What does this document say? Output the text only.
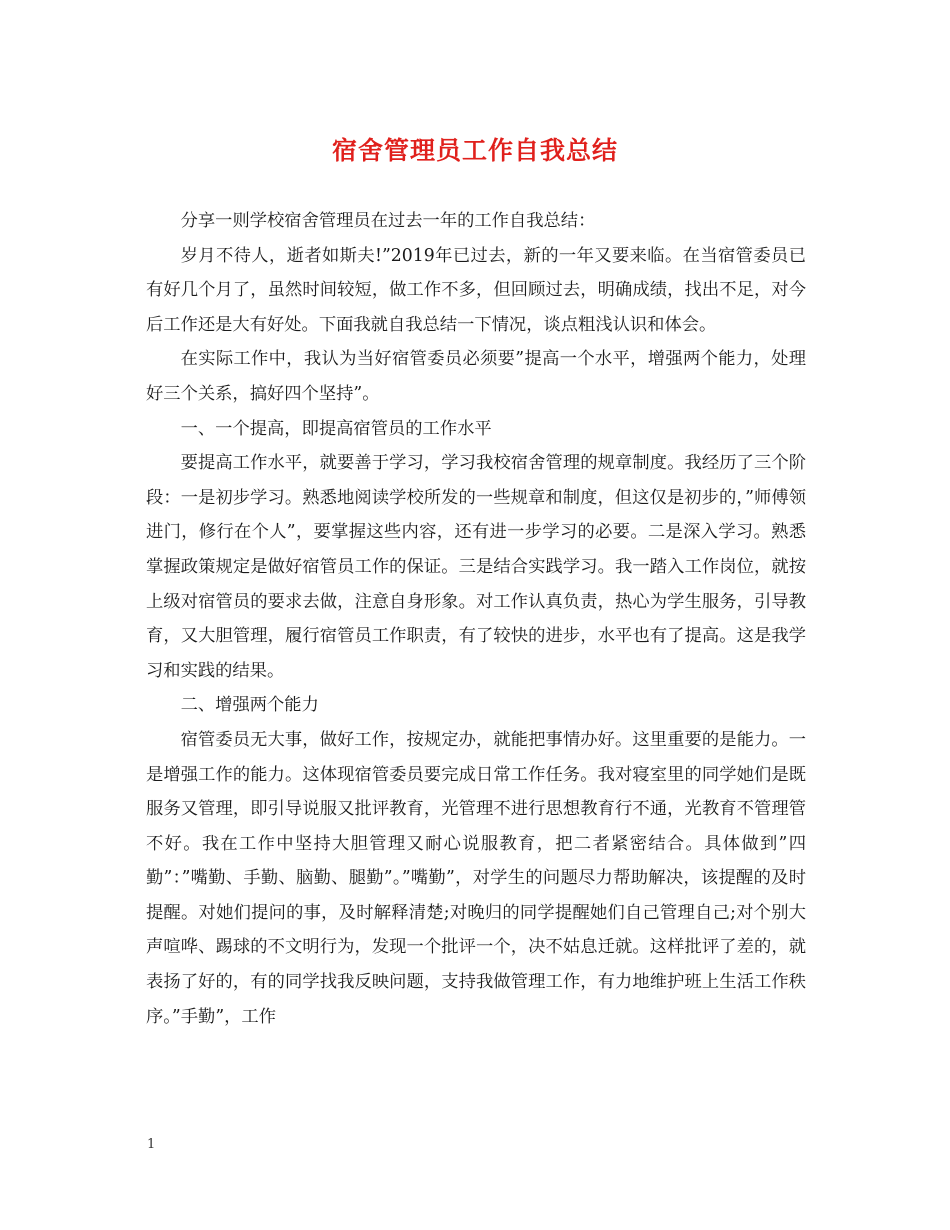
宿舍管理员工作自我总结

分享一则学校宿舍管理员在过去一年的工作自我总结：

岁月不待人，逝者如斯夫!”2019年已过去，新的一年又要来临。在当宿管委员已有好几个月了，虽然时间较短，做工作不多，但回顾过去，明确成绩，找出不足，对今后工作还是大有好处。下面我就自我总结一下情况，谈点粗浅认识和体会。

在实际工作中，我认为当好宿管委员必须要”提高一个水平，增强两个能力，处理好三个关系，搞好四个坚持”。

一、一个提高，即提高宿管员的工作水平

要提高工作水平，就要善于学习，学习我校宿舍管理的规章制度。我经历了三个阶段：一是初步学习。熟悉地阅读学校所发的一些规章和制度，但这仅是初步的，”师傅领进门，修行在个人”，要掌握这些内容，还有进一步学习的必要。二是深入学习。熟悉掌握政策规定是做好宿管员工作的保证。三是结合实践学习。我一踏入工作岗位，就按上级对宿管员的要求去做，注意自身形象。对工作认真负责，热心为学生服务，引导教育，又大胆管理，履行宿管员工作职责，有了较快的进步，水平也有了提高。这是我学习和实践的结果。

二、增强两个能力

宿管委员无大事，做好工作，按规定办，就能把事情办好。这里重要的是能力。一是增强工作的能力。这体现宿管委员要完成日常工作任务。我对寝室里的同学她们是既服务又管理，即引导说服又批评教育，光管理不进行思想教育行不通，光教育不管理管不好。我在工作中坚持大胆管理又耐心说服教育，把二者紧密结合。具体做到”四勤”：”嘴勤、手勤、脑勤、腿勤”。”嘴勤”，对学生的问题尽力帮助解决，该提醒的及时提醒。对她们提问的事，及时解释清楚;对晚归的同学提醒她们自己管理自己;对个别大声喧哗、踢球的不文明行为，发现一个批评一个，决不姑息迁就。这样批评了差的，就表扬了好的，有的同学找我反映问题，支持我做管理工作，有力地维护班上生活工作秩序。”手勤”，工作

1
